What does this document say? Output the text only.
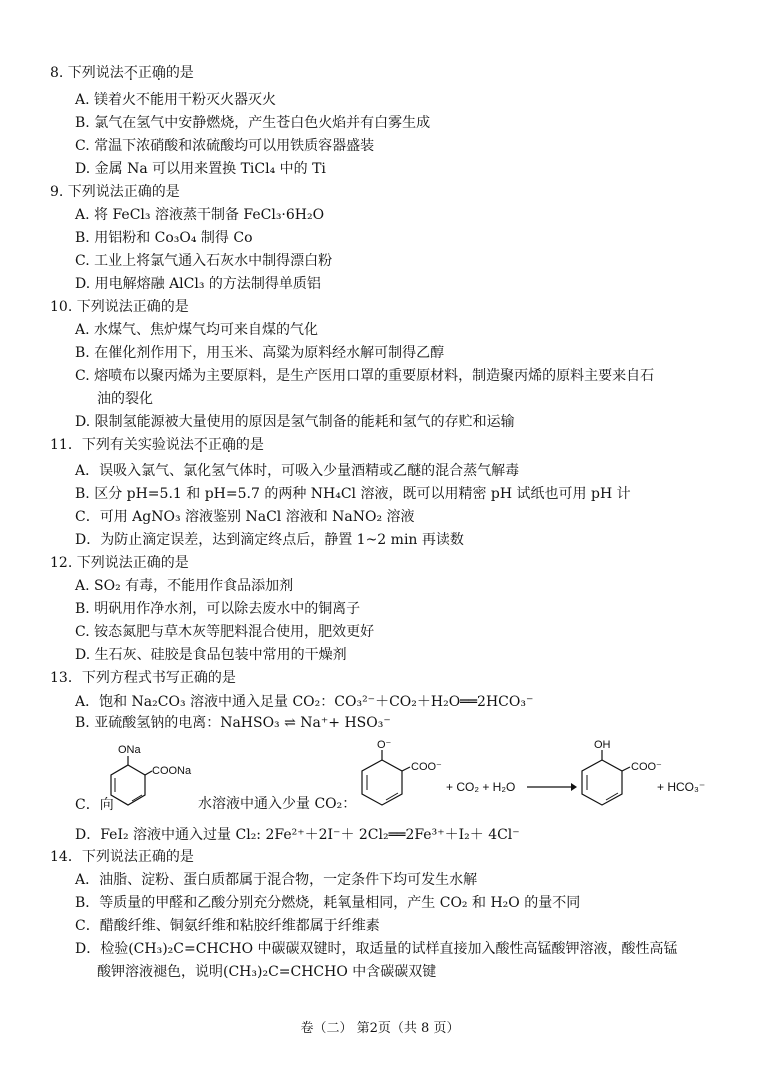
8. 下列说法不正确的是
A. 镁着火不能用干粉灭火器灭火
B. 氯气在氢气中安静燃烧，产生苍白色火焰并有白雾生成
C. 常温下浓硝酸和浓硫酸均可以用铁质容器盛装
D. 金属 Na 可以用来置换 TiCl₄ 中的 Ti
9. 下列说法正确的是
A. 将 FeCl₃ 溶液蒸干制备 FeCl₃·6H₂O
B. 用铝粉和 Co₃O₄ 制得 Co
C. 工业上将氯气通入石灰水中制得漂白粉
D. 用电解熔融 AlCl₃ 的方法制得单质铝
10. 下列说法正确的是
A. 水煤气、焦炉煤气均可来自煤的气化
B. 在催化剂作用下，用玉米、高粱为原料经水解可制得乙醇
C. 熔喷布以聚丙烯为主要原料，是生产医用口罩的重要原材料，制造聚丙烯的原料主要来自石
油的裂化
D. 限制氢能源被大量使用的原因是氢气制备的能耗和氢气的存贮和运输
11．下列有关实验说法不正确的是
A．误吸入氯气、氯化氢气体时，可吸入少量酒精或乙醚的混合蒸气解毒
B. 区分 pH=5.1 和 pH=5.7 的两种 NH₄Cl 溶液，既可以用精密 pH 试纸也可用 pH 计
C．可用 AgNO₃ 溶液鉴别 NaCl 溶液和 NaNO₂ 溶液
D．为防止滴定误差，达到滴定终点后，静置 1~2 min 再读数
12. 下列说法正确的是
A. SO₂ 有毒，不能用作食品添加剂
B. 明矾用作净水剂，可以除去废水中的铜离子
C. 铵态氮肥与草木灰等肥料混合使用，肥效更好
D. 生石灰、硅胶是食品包装中常用的干燥剂
13．下列方程式书写正确的是
A．饱和 Na₂CO₃ 溶液中通入足量 CO₂：CO₃²⁻＋CO₂＋H₂O══2HCO₃⁻
B. 亚硫酸氢钠的电离：NaHSO₃ ⇌ Na⁺+ HSO₃⁻
C．向	水溶液中通入少量 CO₂：
ONa
COONa
O⁻
COO⁻
+ CO₂ + H₂O →
OH
COO⁻
+ HCO₃⁻
D．FeI₂ 溶液中通入过量 Cl₂: 2Fe²⁺＋2I⁻＋ 2Cl₂══2Fe³⁺＋I₂＋ 4Cl⁻
14．下列说法正确的是
A．油脂、淀粉、蛋白质都属于混合物，一定条件下均可发生水解
B．等质量的甲醛和乙酸分别充分燃烧，耗氧量相同，产生 CO₂ 和 H₂O 的量不同
C．醋酸纤维、铜氨纤维和粘胶纤维都属于纤维素
D．检验(CH₃)₂C=CHCHO 中碳碳双键时，取适量的试样直接加入酸性高锰酸钾溶液，酸性高锰
酸钾溶液褪色，说明(CH₃)₂C=CHCHO 中含碳碳双键
卷（二） 第2页（共 8 页）
